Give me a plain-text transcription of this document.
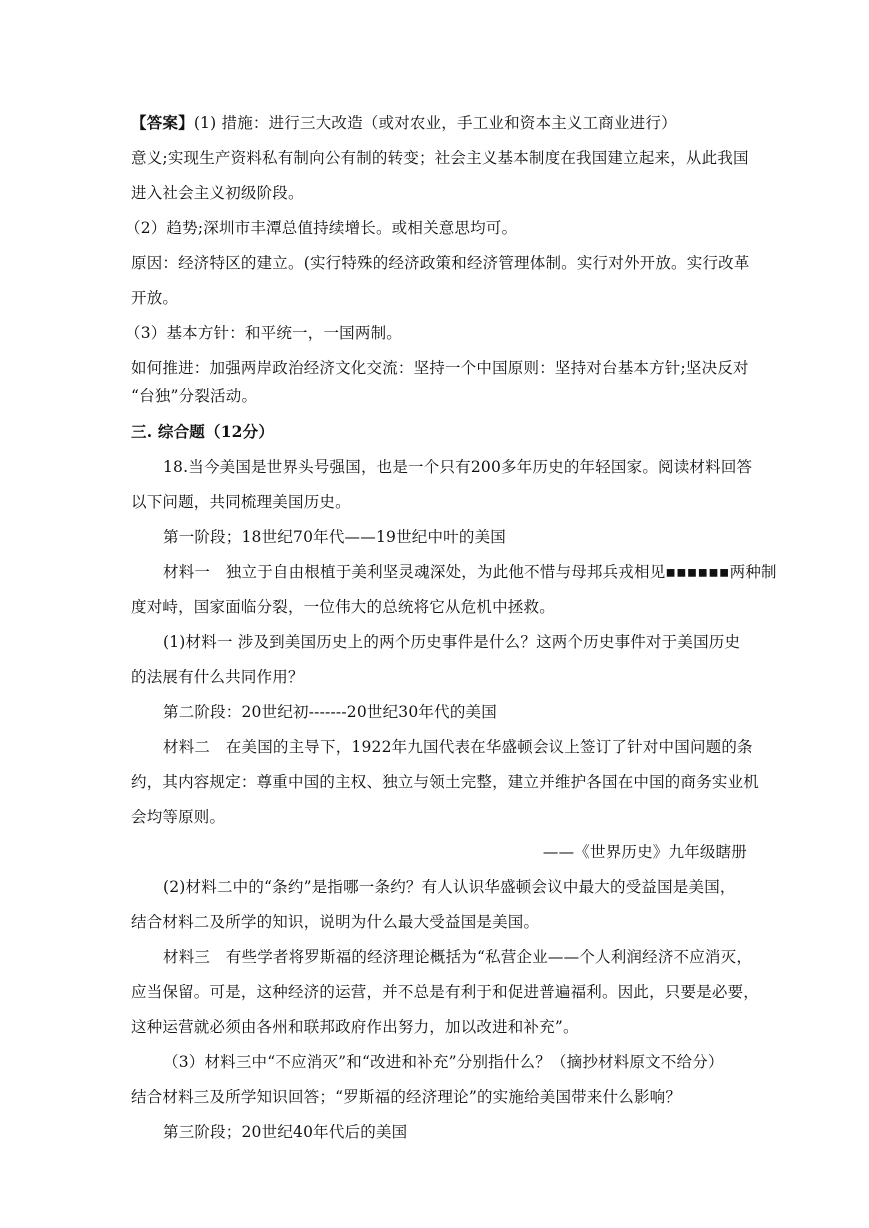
【答案】(1) 措施：进行三大改造（或对农业，手工业和资本主义工商业进行）
意义;实现生产资料私有制向公有制的转变；社会主义基本制度在我国建立起来，从此我国
进入社会主义初级阶段。
（2）趋势;深圳市丰潭总值持续增长。或相关意思均可。
原因：经济特区的建立。(实行特殊的经济政策和经济管理体制。实行对外开放。实行改革
开放。
（3）基本方针：和平统一，一国两制。
如何推进：加强两岸政治经济文化交流：坚持一个中国原则：坚持对台基本方针;坚决反对
“台独”分裂活动。
三. 综合题（12分）
18.当今美国是世界头号强国，也是一个只有200多年历史的年轻国家。阅读材料回答
以下问题，共同梳理美国历史。
第一阶段；18世纪70年代——19世纪中叶的美国
材料一　独立于自由根植于美利坚灵魂深处，为此他不惜与母邦兵戎相见▪▪▪▪▪▪两种制
度对峙，国家面临分裂，一位伟大的总统将它从危机中拯救。
(1)材料一 涉及到美国历史上的两个历史事件是什么？这两个历史事件对于美国历史
的法展有什么共同作用？
第二阶段：20世纪初-------20世纪30年代的美国
材料二　在美国的主导下，1922年九国代表在华盛顿会议上签订了针对中国问题的条
约，其内容规定：尊重中国的主权、独立与领土完整，建立并维护各国在中国的商务实业机
会均等原则。
——《世界历史》九年级瞎册
(2)材料二中的“条约”是指哪一条约？有人认识华盛顿会议中最大的受益国是美国，
结合材料二及所学的知识，说明为什么最大受益国是美国。
材料三　有些学者将罗斯福的经济理论概括为“私营企业——个人利润经济不应消灭，
应当保留。可是，这种经济的运营，并不总是有利于和促进普遍福利。因此，只要是必要，
这种运营就必须由各州和联邦政府作出努力，加以改进和补充”。
（3）材料三中“不应消灭”和“改进和补充”分别指什么？（摘抄材料原文不给分）
结合材料三及所学知识回答；“罗斯福的经济理论”的实施给美国带来什么影响？
第三阶段；20世纪40年代后的美国
